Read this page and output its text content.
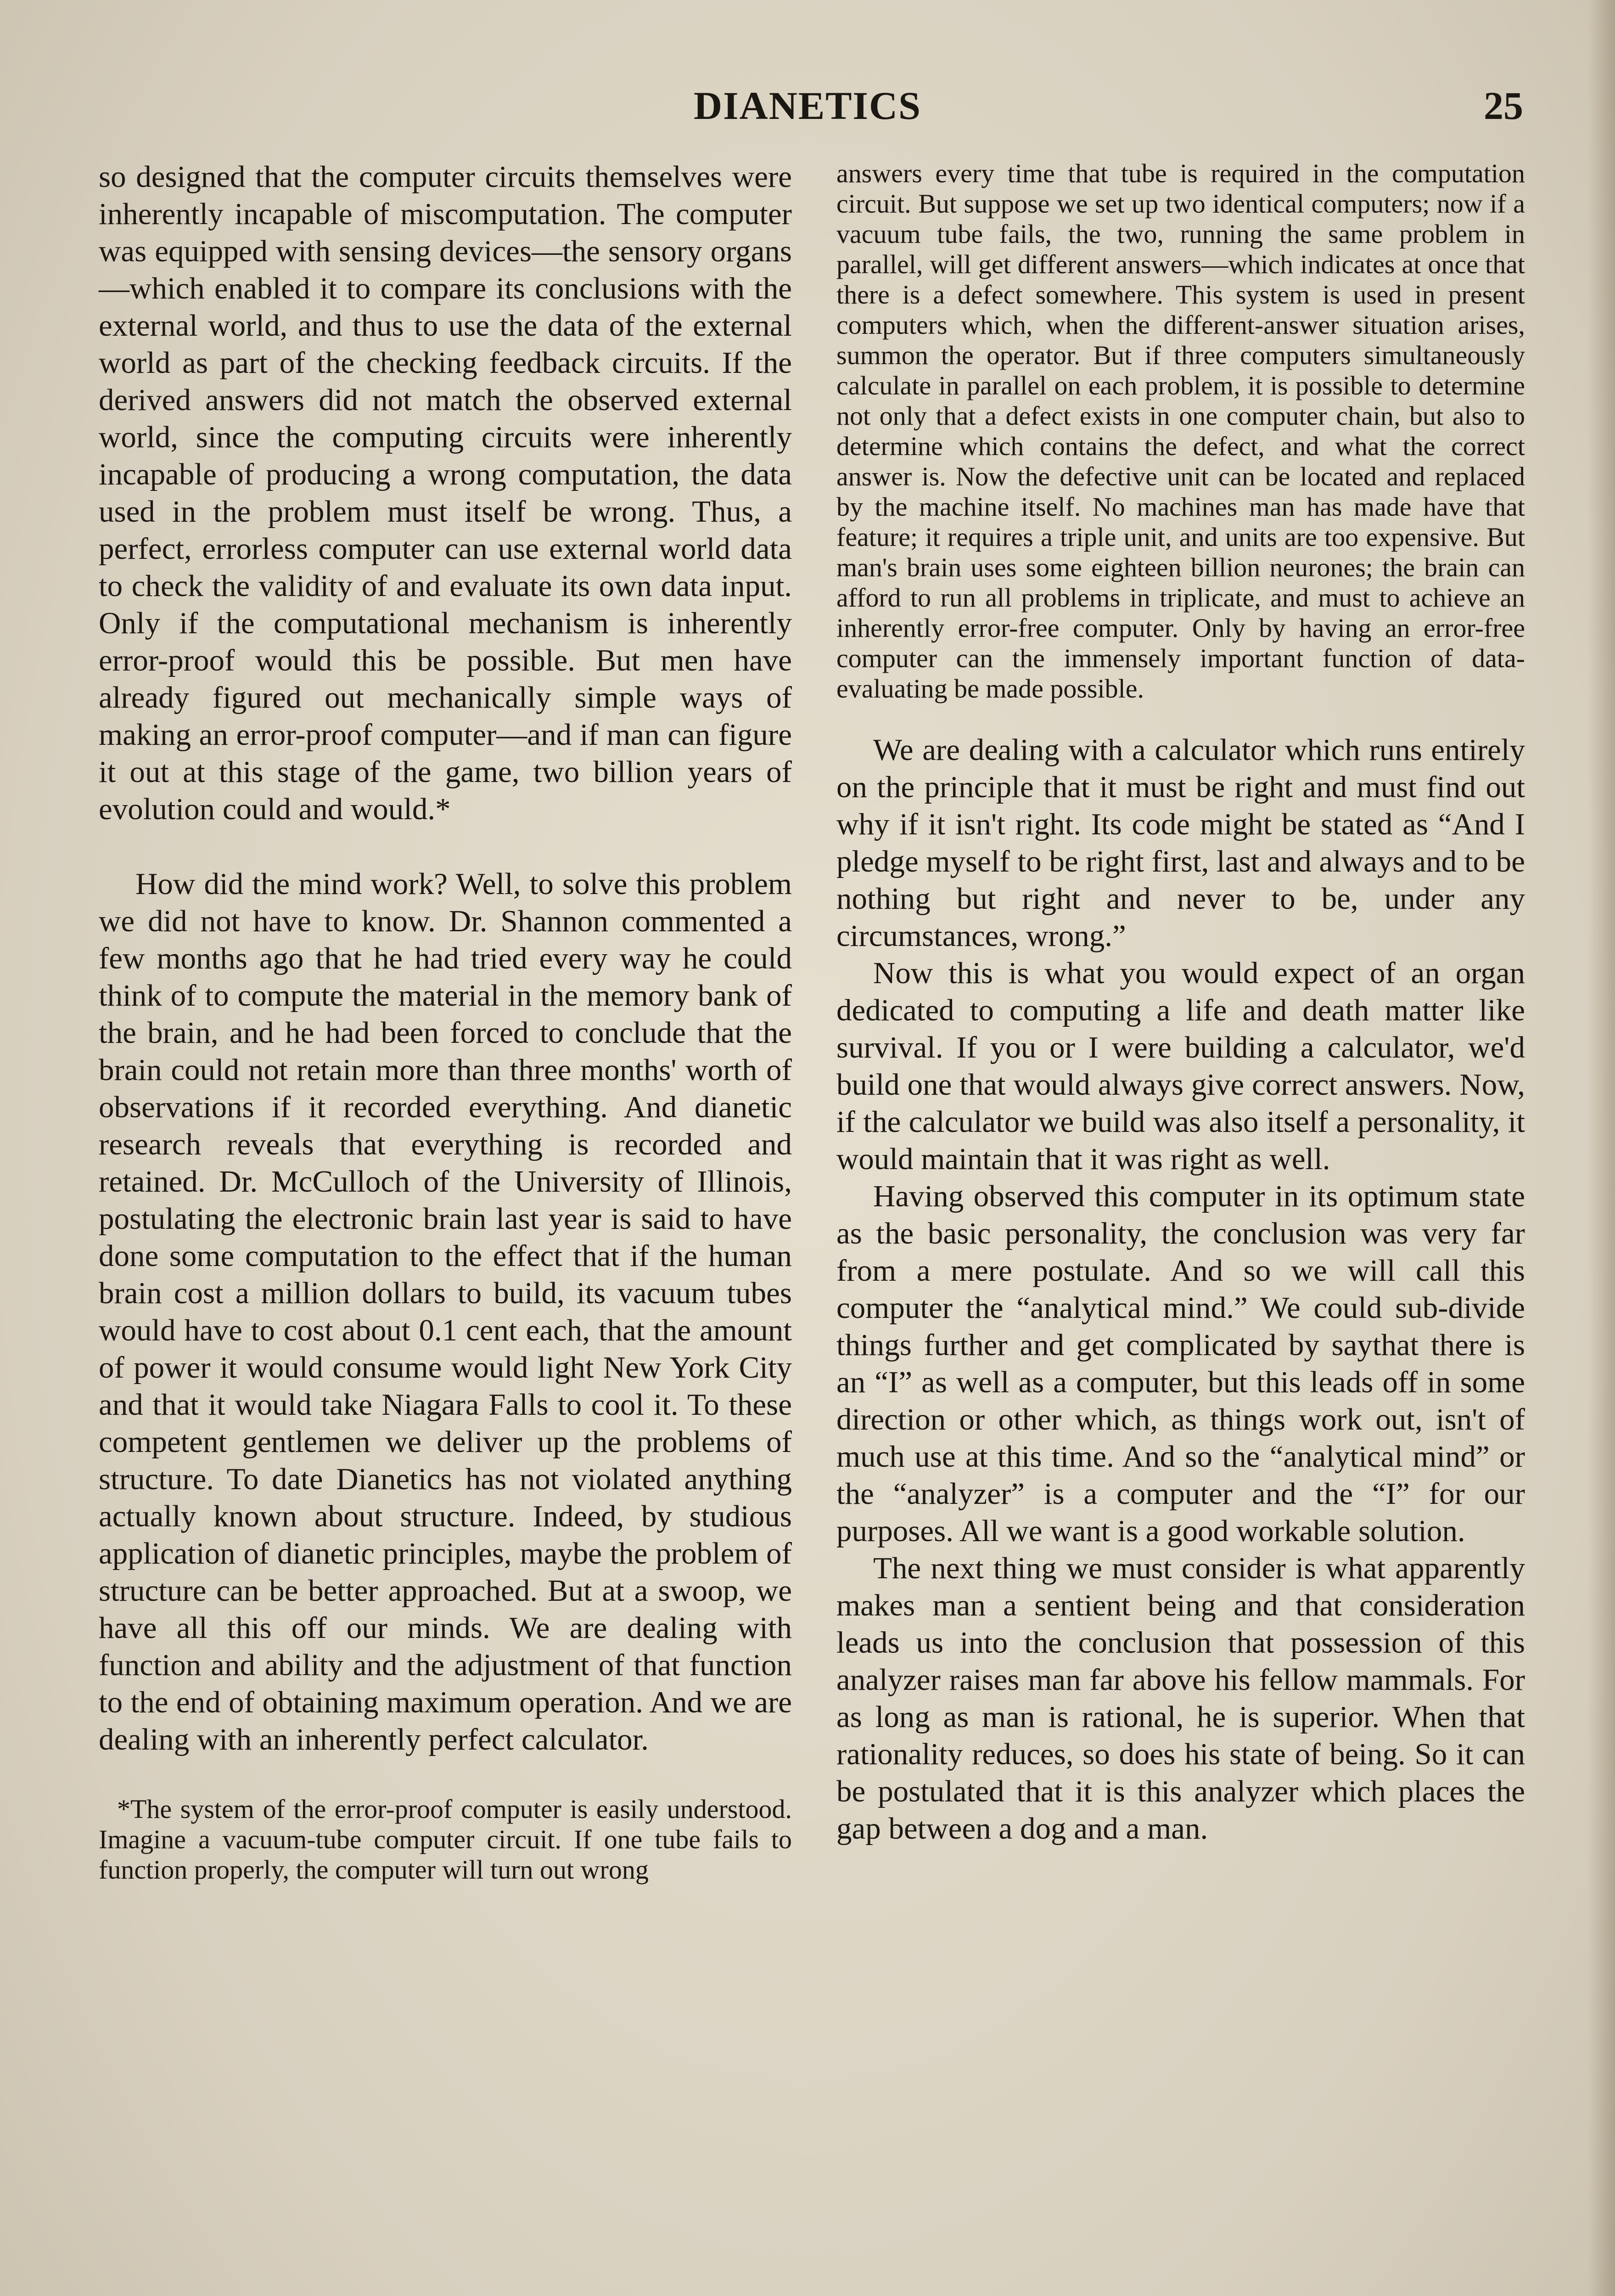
DIANETICS	25

so designed that the computer circuits themselves were inherently incapable of miscomputation. The computer was equipped with sensing devices—the sensory organs—which enabled it to compare its conclusions with the external world, and thus to use the data of the external world as part of the checking feedback circuits. If the derived answers did not match the observed external world, since the computing circuits were inherently incapable of producing a wrong computation, the data used in the problem must itself be wrong. Thus, a perfect, errorless computer can use external world data to check the validity of and evaluate its own data input. Only if the computational mechanism is inherently error-proof would this be possible. But men have already figured out mechanically simple ways of making an error-proof computer—and if man can figure it out at this stage of the game, two billion years of evolution could and would.*

How did the mind work? Well, to solve this problem we did not have to know. Dr. Shannon commented a few months ago that he had tried every way he could think of to compute the material in the memory bank of the brain, and he had been forced to conclude that the brain could not retain more than three months' worth of observations if it recorded everything. And dianetic research reveals that everything is recorded and retained. Dr. McCulloch of the University of Illinois, postulating the electronic brain last year is said to have done some computation to the effect that if the human brain cost a million dollars to build, its vacuum tubes would have to cost about 0.1 cent each, that the amount of power it would consume would light New York City and that it would take Niagara Falls to cool it. To these competent gentlemen we deliver up the problems of structure. To date Dianetics has not violated anything actually known about structure. Indeed, by studious application of dianetic principles, maybe the problem of structure can be better approached. But at a swoop, we have all this off our minds. We are dealing with function and ability and the adjustment of that function to the end of obtaining maximum operation. And we are dealing with an inherently perfect calculator.

*The system of the error-proof computer is easily understood. Imagine a vacuum-tube computer circuit. If one tube fails to function properly, the computer will turn out wrong

answers every time that tube is required in the computation circuit. But suppose we set up two identical computers; now if a vacuum tube fails, the two, running the same problem in parallel, will get different answers—which indicates at once that there is a defect somewhere. This system is used in present computers which, when the different-answer situation arises, summon the operator. But if three computers simultaneously calculate in parallel on each problem, it is possible to determine not only that a defect exists in one computer chain, but also to determine which contains the defect, and what the correct answer is. Now the defective unit can be located and replaced by the machine itself. No machines man has made have that feature; it requires a triple unit, and units are too expensive. But man's brain uses some eighteen billion neurones; the brain can afford to run all problems in triplicate, and must to achieve an inherently error-free computer. Only by having an error-free computer can the immensely important function of data-evaluating be made possible.

We are dealing with a calculator which runs entirely on the principle that it must be right and must find out why if it isn't right. Its code might be stated as “And I pledge myself to be right first, last and always and to be nothing but right and never to be, under any circumstances, wrong.”

Now this is what you would expect of an organ dedicated to computing a life and death matter like survival. If you or I were building a calculator, we'd build one that would always give correct answers. Now, if the calculator we build was also itself a personality, it would maintain that it was right as well.

Having observed this computer in its optimum state as the basic personality, the conclusion was very far from a mere postulate. And so we will call this computer the “analytical mind.” We could sub-divide things further and get complicated by saythat there is an “I” as well as a computer, but this leads off in some direction or other which, as things work out, isn't of much use at this time. And so the “analytical mind” or the “analyzer” is a computer and the “I” for our purposes. All we want is a good workable solution.

The next thing we must consider is what apparently makes man a sentient being and that consideration leads us into the conclusion that possession of this analyzer raises man far above his fellow mammals. For as long as man is rational, he is superior. When that rationality reduces, so does his state of being. So it can be postulated that it is this analyzer which places the gap between a dog and a man.
